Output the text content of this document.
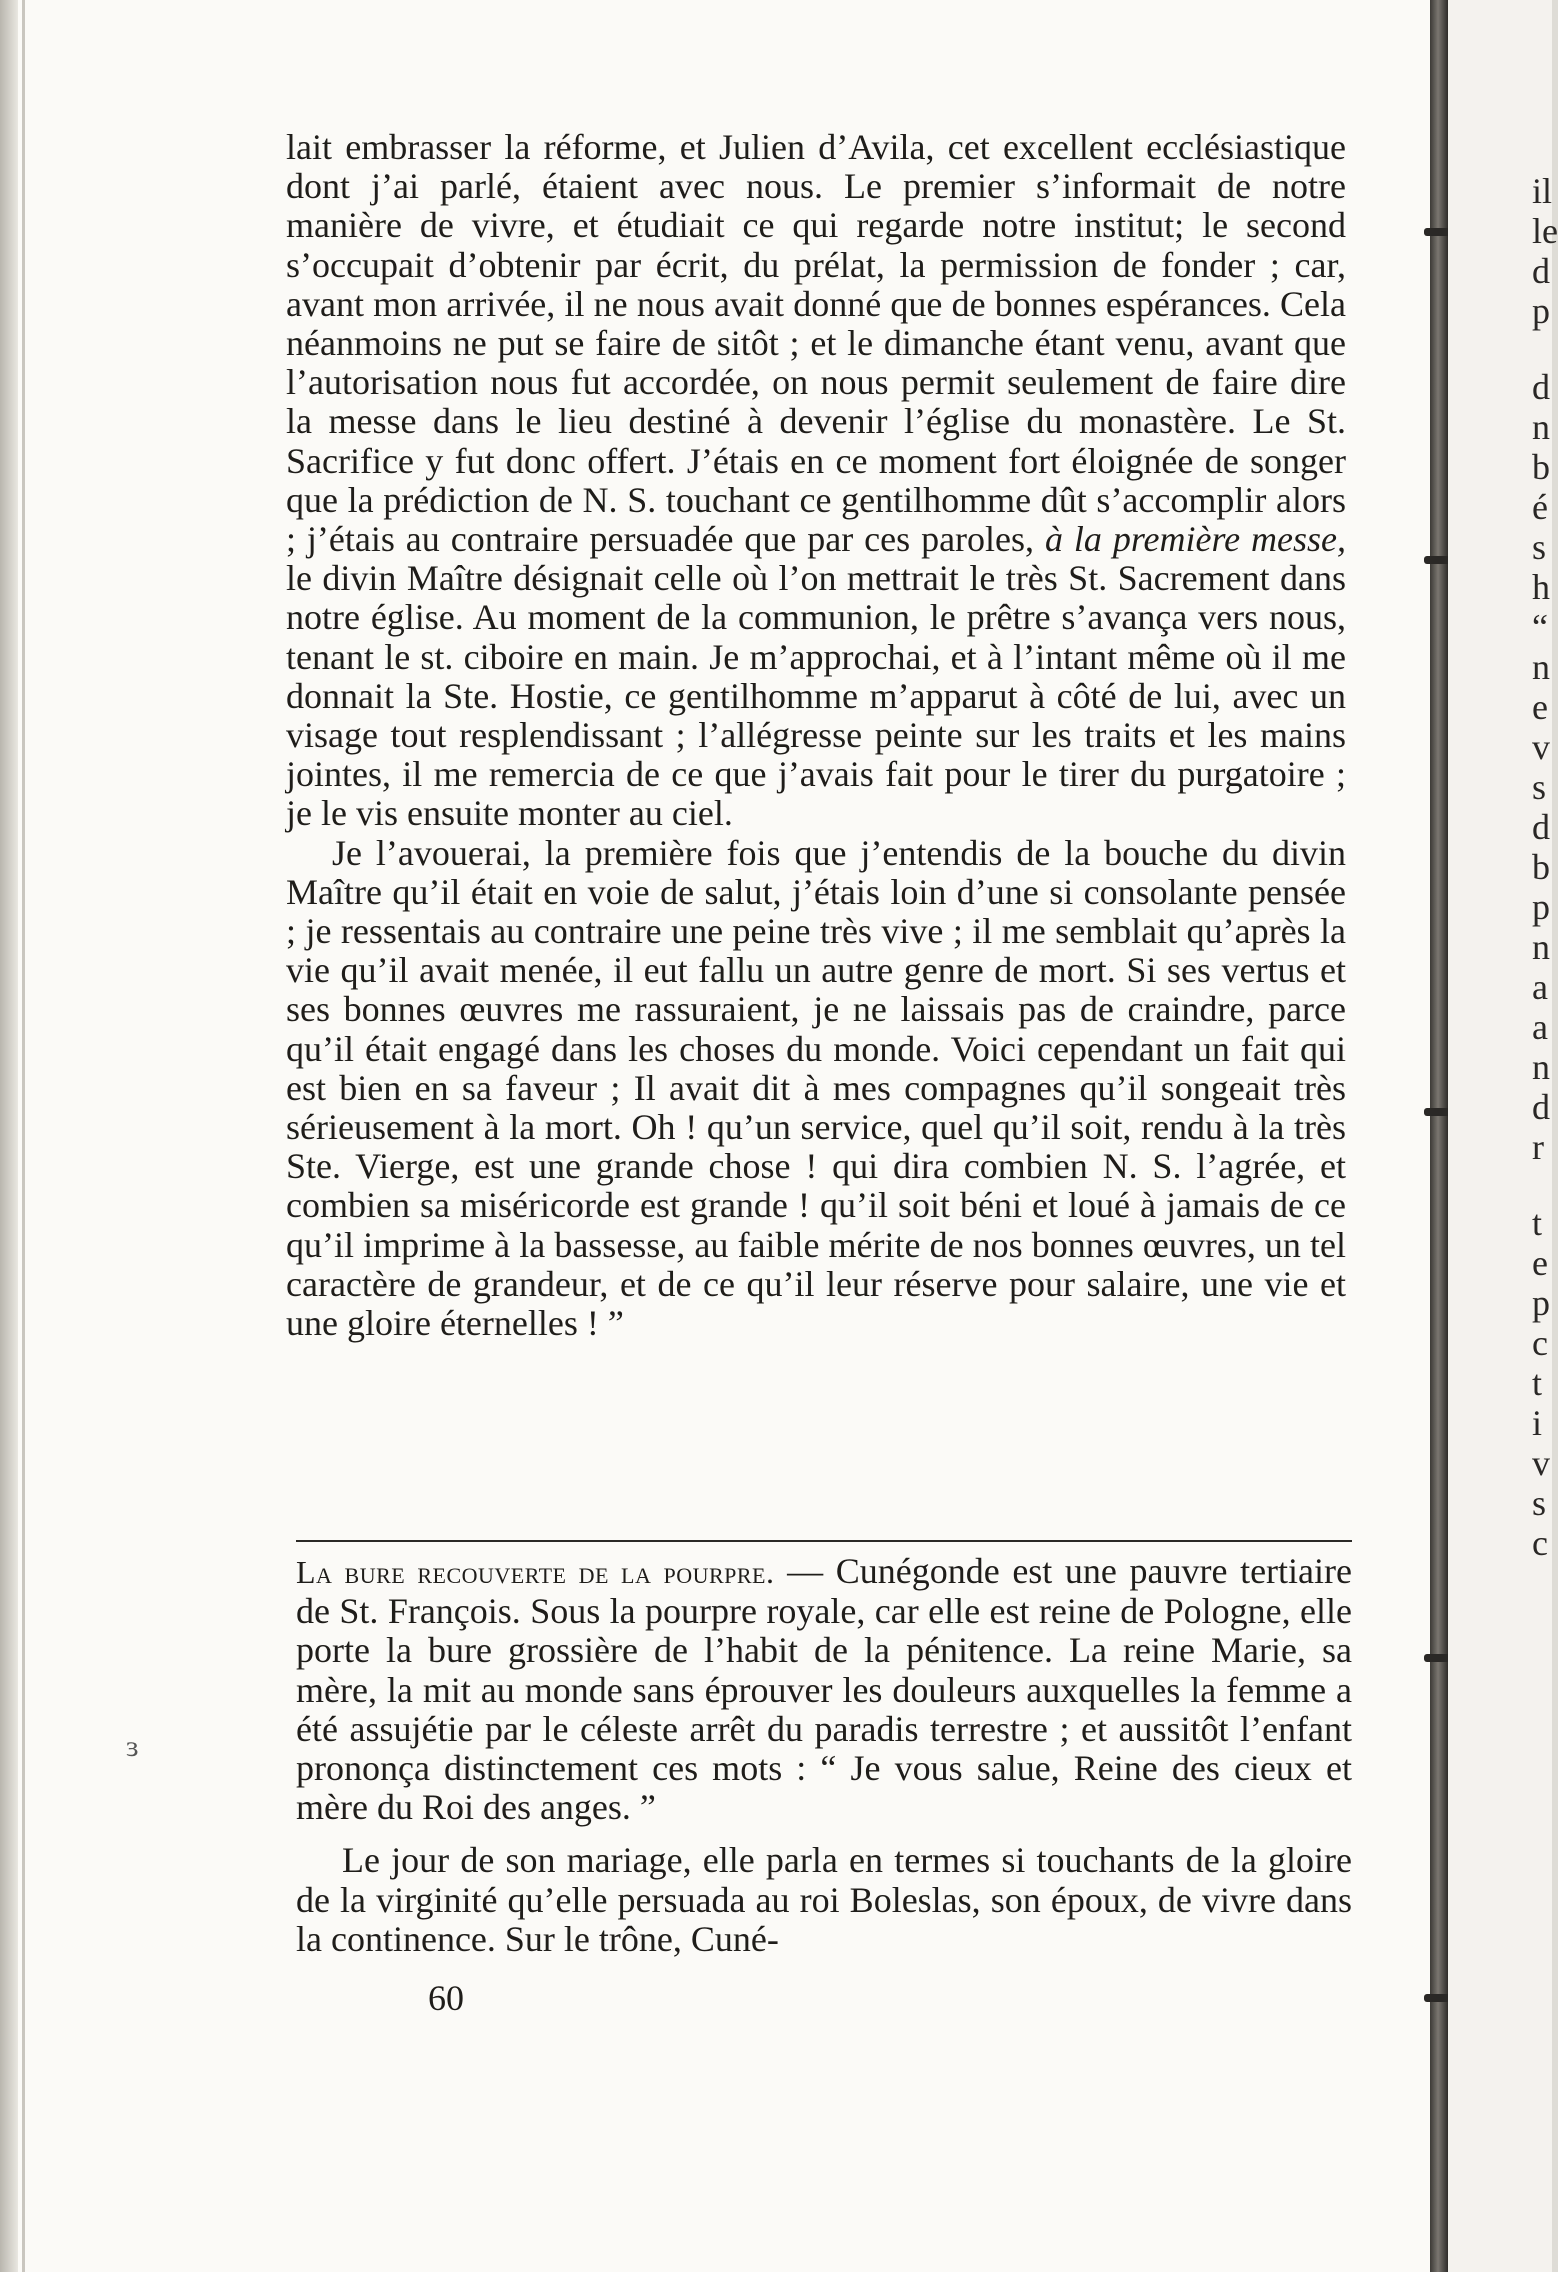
lait embrasser la réforme, et Julien d’Avila, cet excellent ecclésiastique dont j’ai parlé, étaient avec nous. Le premier s’informait de notre manière de vivre, et étudiait ce qui regarde notre institut; le second s’occupait d’obtenir par écrit, du prélat, la permission de fonder ; car, avant mon arrivée, il ne nous avait donné que de bonnes espérances. Cela néanmoins ne put se faire de sitôt ; et le dimanche étant venu, avant que l’autorisation nous fut accordée, on nous permit seulement de faire dire la messe dans le lieu destiné à devenir l’église du monastère. Le St. Sacrifice y fut donc offert. J’étais en ce moment fort éloignée de songer que la prédiction de N. S. touchant ce gentilhomme dût s’accomplir alors ; j’étais au contraire persuadée que par ces paroles, à la première messe, le divin Maître désignait celle où l’on mettrait le très St. Sacrement dans notre église. Au moment de la communion, le prêtre s’avança vers nous, tenant le st. ciboire en main. Je m’approchai, et à l’intant même où il me donnait la Ste. Hostie, ce gentilhomme m’apparut à côté de lui, avec un visage tout resplendissant ; l’allégresse peinte sur les traits et les mains jointes, il me remercia de ce que j’avais fait pour le tirer du purgatoire ; je le vis ensuite monter au ciel.

Je l’avouerai, la première fois que j’entendis de la bouche du divin Maître qu’il était en voie de salut, j’étais loin d’une si consolante pensée ; je ressentais au contraire une peine très vive ; il me semblait qu’après la vie qu’il avait menée, il eut fallu un autre genre de mort. Si ses vertus et ses bonnes œuvres me rassuraient, je ne laissais pas de craindre, parce qu’il était engagé dans les choses du monde. Voici cependant un fait qui est bien en sa faveur ; Il avait dit à mes compagnes qu’il songeait très sérieusement à la mort. Oh ! qu’un service, quel qu’il soit, rendu à la très Ste. Vierge, est une grande chose ! qui dira combien N. S. l’agrée, et combien sa miséricorde est grande ! qu’il soit béni et loué à jamais de ce qu’il imprime à la bassesse, au faible mérite de nos bonnes œuvres, un tel caractère de grandeur, et de ce qu’il leur réserve pour salaire, une vie et une gloire éternelles ! ”

La bure recouverte de la pourpre. — Cunégonde est une pauvre tertiaire de St. François. Sous la pourpre royale, car elle est reine de Pologne, elle porte la bure grossière de l’habit de la pénitence. La reine Marie, sa mère, la mit au monde sans éprouver les douleurs auxquelles la femme a été assujétie par le céleste arrêt du paradis terrestre ; et aussitôt l’enfant prononça distinctement ces mots : “ Je vous salue, Reine des cieux et mère du Roi des anges. ”

Le jour de son mariage, elle parla en termes si touchants de la gloire de la virginité qu’elle persuada au roi Boleslas, son époux, de vivre dans la continence. Sur le trône, Cuné-

60
ɜ
il
le
d
p
d
n
b
é
s
h
“
n
e
v
s
d
b
p
n
a
a
n
d
r
t
e
p
c
t
i
v
s
c
